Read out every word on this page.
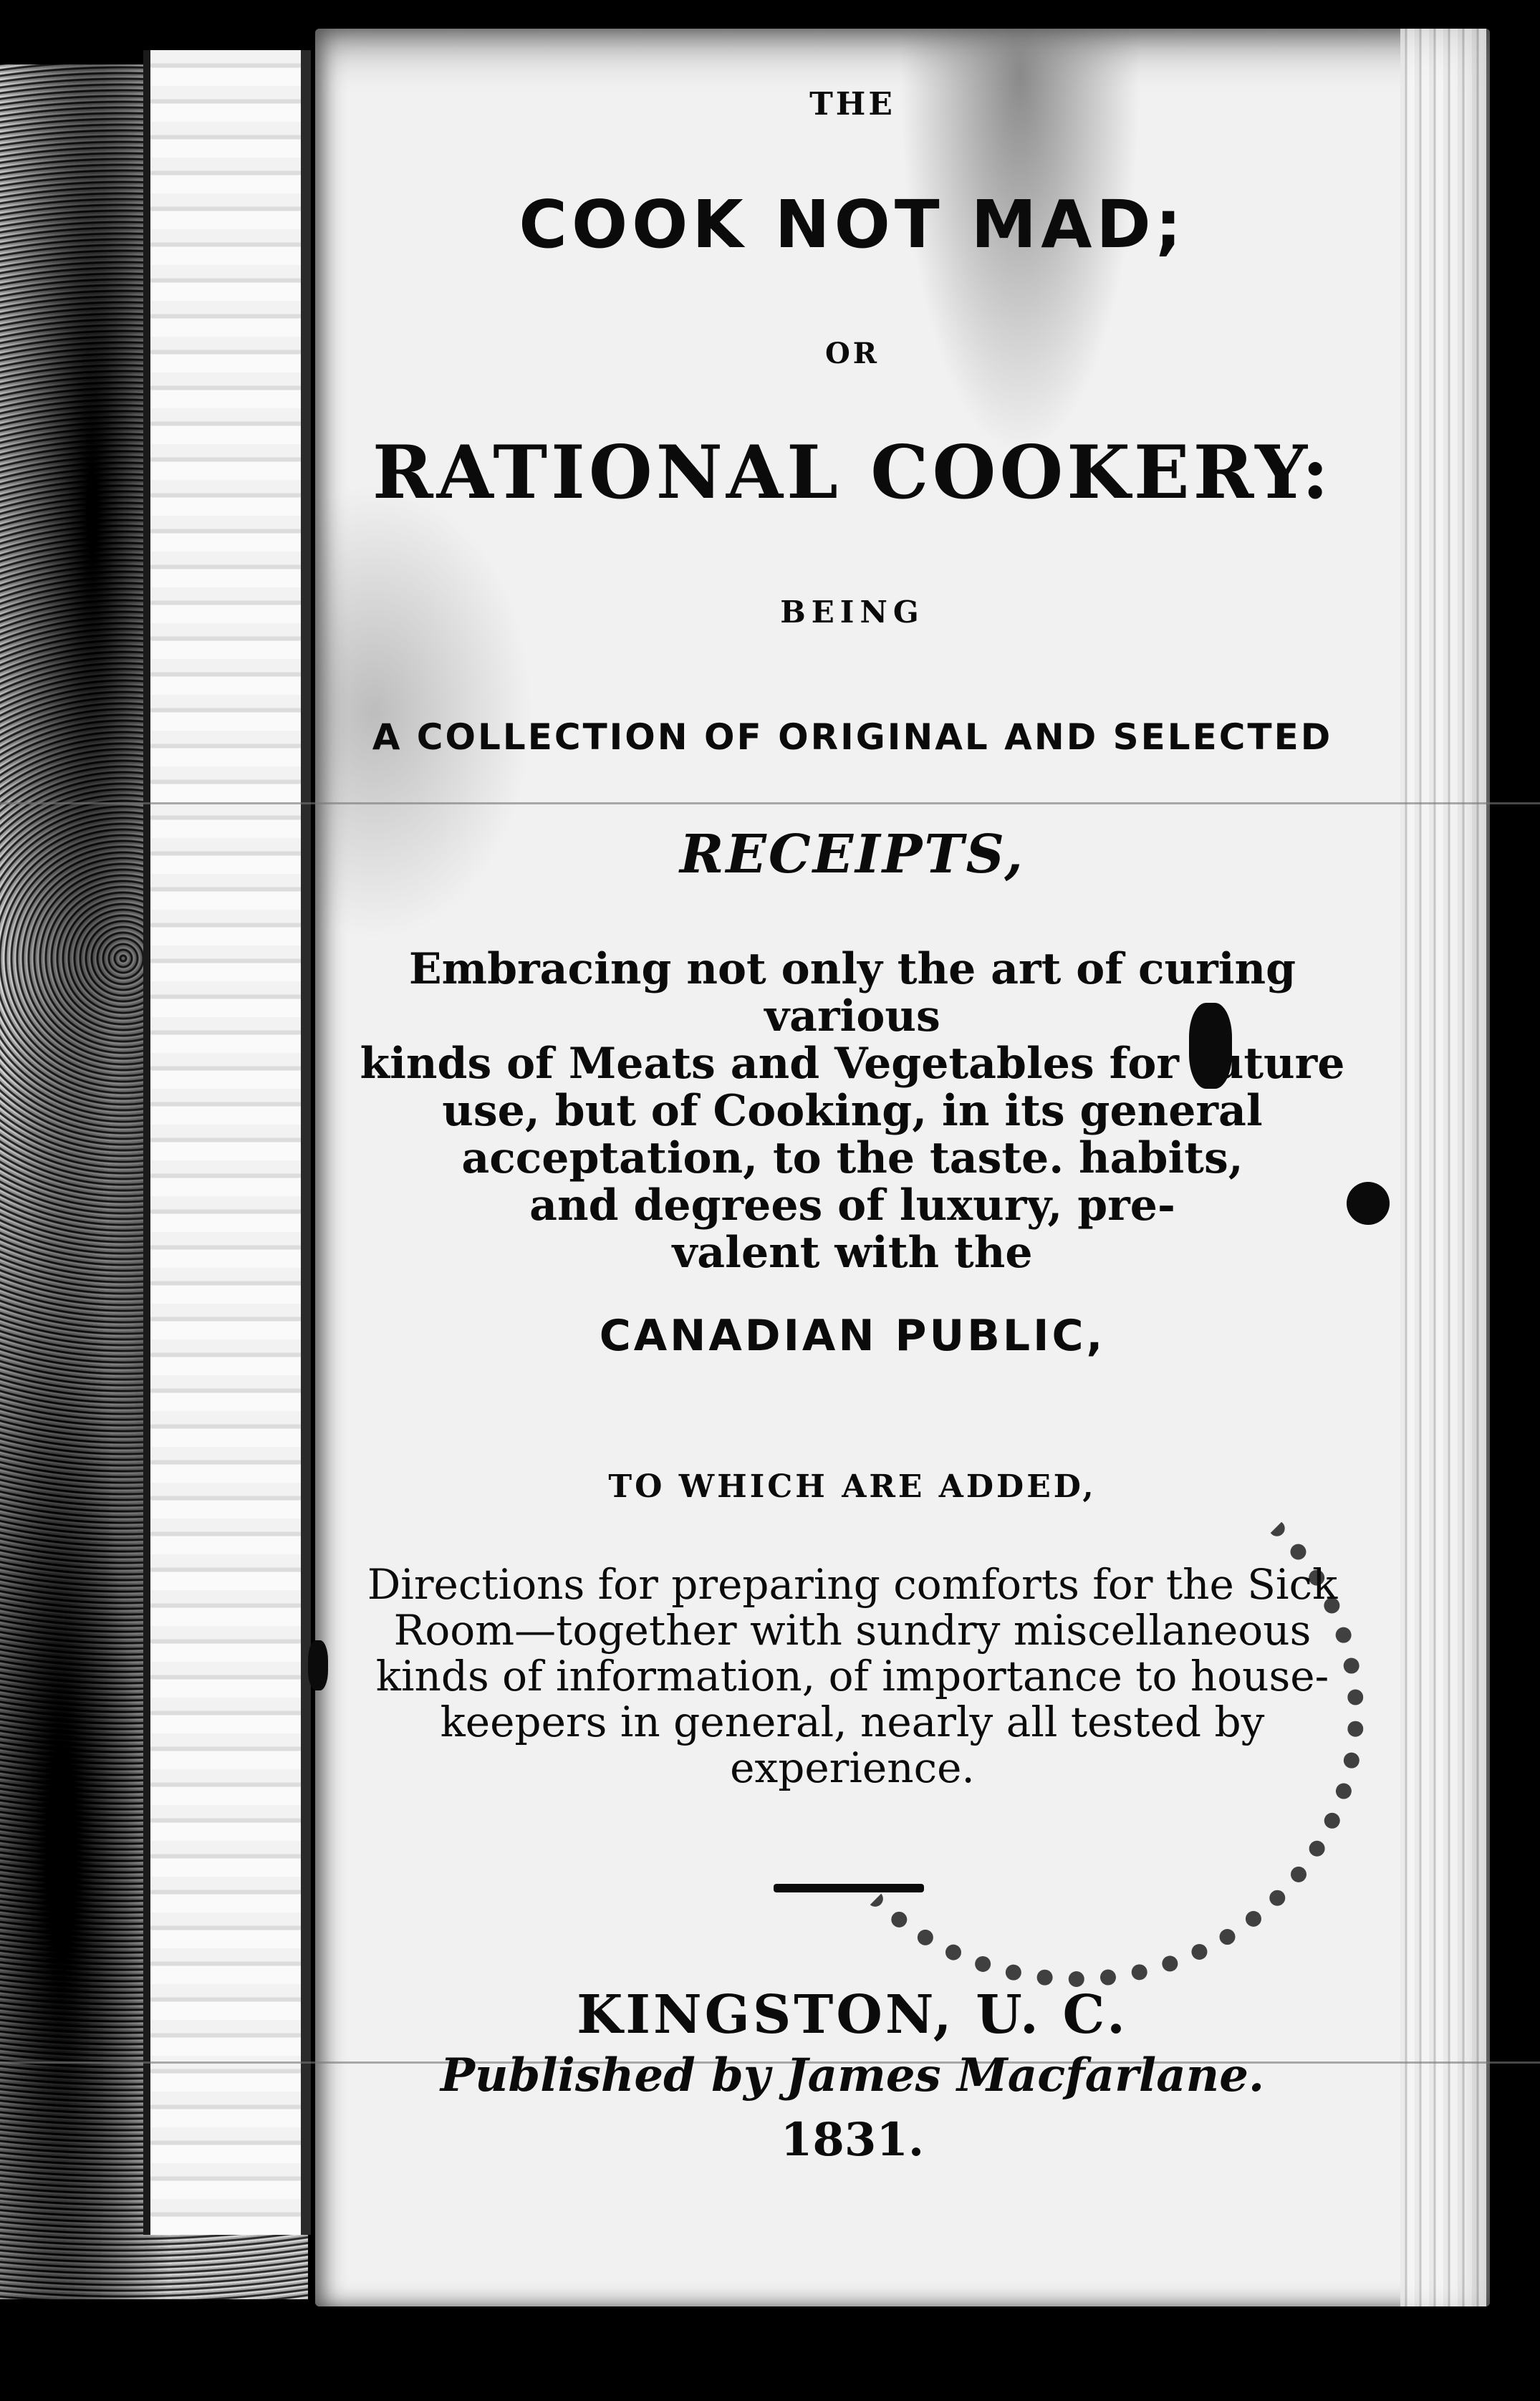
THE
COOK NOT MAD;
OR
RATIONAL COOKERY:
BEING
A COLLECTION OF ORIGINAL AND SELECTED
RECEIPTS,
Embracing not only the art of curing various
kinds of Meats and Vegetables for future
use, but of Cooking, in its general
acceptation, to the taste. habits,
and degrees of luxury, pre-
valent with the
CANADIAN PUBLIC,
TO WHICH ARE ADDED,
Directions for preparing comforts for the Sick
Room—together with sundry miscellaneous
kinds of information, of importance to house-
keepers in general, nearly all tested by
experience.
KINGSTON, U. C.
Published by James Macfarlane.
1831.
